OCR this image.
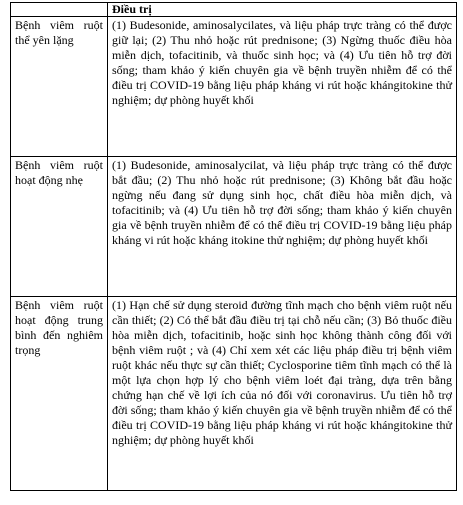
	Điều trị
Bệnh viêm ruột thể yên lặng	(1) Budesonide, aminosalycilates, và liệu pháp trực tràng có thể được giữ lại; (2) Thu nhỏ hoặc rút prednisone; (3) Ngừng thuốc điều hòa miễn dịch, tofacitinib, và thuốc sinh học; và (4) Ưu tiên hỗ trợ đời sống; tham khảo ý kiến chuyên gia về bệnh truyền nhiễm để có thể điều trị COVID-19 bằng liệu pháp kháng vi rút hoặc khángitokine thử nghiệm; dự phòng huyết khối
Bệnh viêm ruột hoạt động nhẹ	(1) Budesonide, aminosalycilat, và liệu pháp trực tràng có thể được bắt đầu; (2) Thu nhỏ hoặc rút prednisone; (3) Không bắt đầu hoặc ngừng nếu đang sử dụng sinh học, chất điều hòa miễn dịch, và tofacitinib; và (4) Ưu tiên hỗ trợ đời sống; tham khảo ý kiến chuyên gia về bệnh truyền nhiễm để có thể điều trị COVID-19 bằng liệu pháp kháng vi rút hoặc kháng itokine thử nghiệm; dự phòng huyết khối
Bệnh viêm ruột hoạt động trung bình đến nghiêm trọng	(1) Hạn chế sử dụng steroid đường tĩnh mạch cho bệnh viêm ruột nếu cần thiết; (2) Có thể bắt đầu điều trị tại chỗ nếu cần; (3) Bỏ thuốc điều hòa miễn dịch, tofacitinib, hoặc sinh học không thành công đối với bệnh viêm ruột ; và (4) Chỉ xem xét các liệu pháp điều trị bệnh viêm ruột khác nếu thực sự cần thiết; Cyclosporine tiêm tĩnh mạch có thể là một lựa chọn hợp lý cho bệnh viêm loét đại tràng, dựa trên bằng chứng hạn chế về lợi ích của nó đối với coronavirus. Ưu tiên hỗ trợ đời sống; tham khảo ý kiến chuyên gia về bệnh truyền nhiễm để có thể điều trị COVID-19 bằng liệu pháp kháng vi rút hoặc khángitokine thử nghiệm; dự phòng huyết khối
